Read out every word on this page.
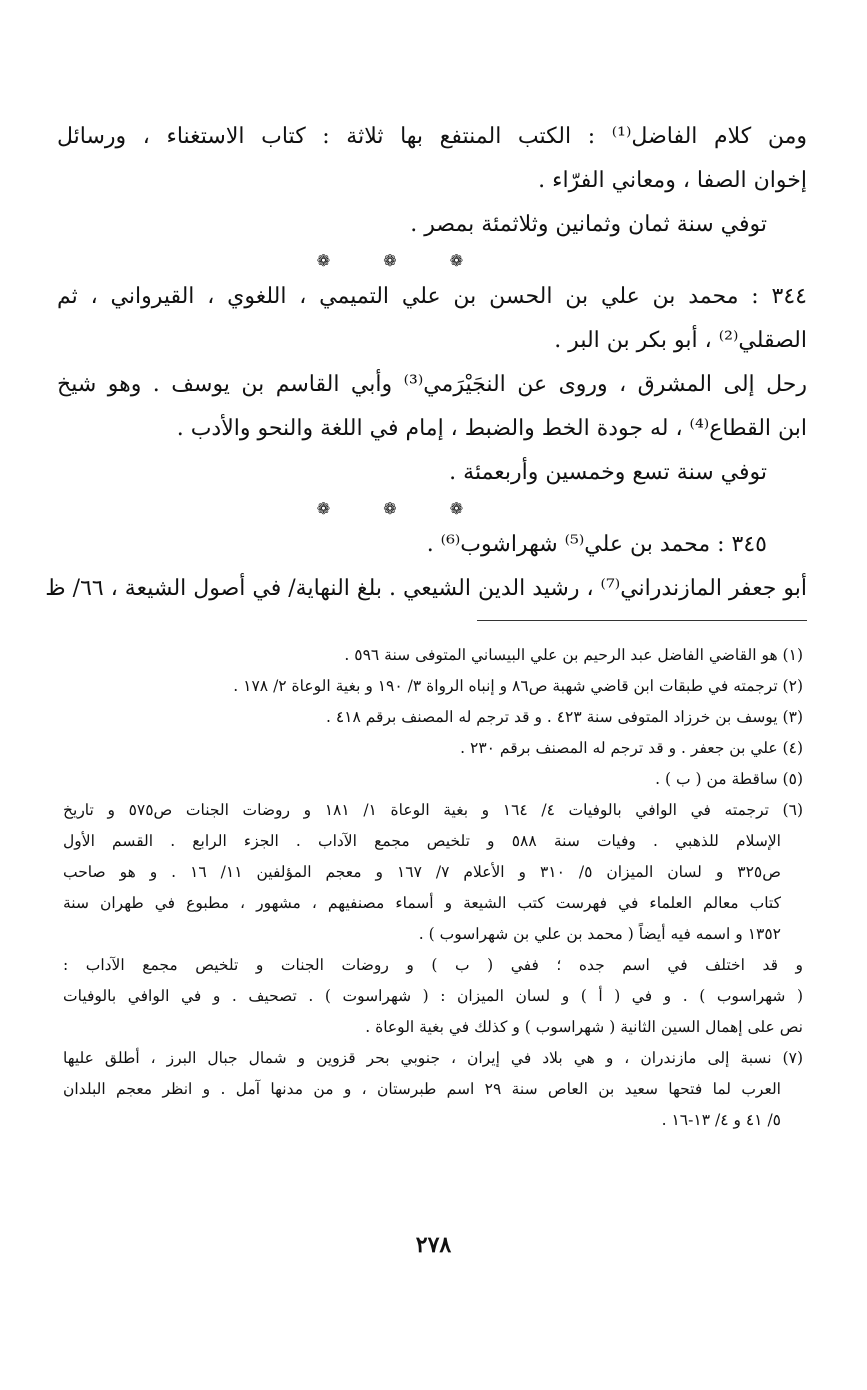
ومن كلام الفاضل⁽¹⁾ : الكتب المنتفع بها ثلاثة : كتاب الاستغناء ، ورسائل
إخوان الصفا ، ومعاني الفرّاء .
توفي سنة ثمان وثمانين وثلاثمئة بمصر .
❁ ❁ ❁
٣٤٤ : محمد بن علي بن الحسن بن علي التميمي ، اللغوي ، القيرواني ، ثم
الصقلي⁽²⁾ ، أبو بكر بن البر .
رحل إلى المشرق ، وروى عن النجَيْرَمي⁽³⁾ وأبي القاسم بن يوسف . وهو شيخ
ابن القطاع⁽⁴⁾ ، له جودة الخط والضبط ، إمام في اللغة والنحو والأدب .
توفي سنة تسع وخمسين وأربعمئة .
❁ ❁ ❁
٣٤٥ : محمد بن علي⁽⁵⁾ شهراشوب⁽⁶⁾ .
أبو جعفر المازندراني⁽⁷⁾ ، رشيد الدين الشيعي . بلغ النهاية/ في أصول الشيعة ، ٦٦/ ظ
(١) هو القاضي الفاضل عبد الرحيم بن علي البيساني المتوفى سنة ٥٩٦ .
(٢) ترجمته في طبقات ابن قاضي شهبة ص٨٦ و إنباه الرواة ٣/ ١٩٠ و بغية الوعاة ٢/ ١٧٨ .
(٣) يوسف بن خرزاد المتوفى سنة ٤٢٣ . و قد ترجم له المصنف برقم ٤١٨ .
(٤) علي بن جعفر . و قد ترجم له المصنف برقم ٢٣٠ .
(٥) ساقطة من ( ب ) .
(٦) ترجمته في الوافي بالوفيات ٤/ ١٦٤ و بغية الوعاة ١/ ١٨١ و روضات الجنات ص٥٧٥ و تاريخ
الإسلام للذهبي . وفيات سنة ٥٨٨ و تلخيص مجمع الآداب . الجزء الرابع . القسم الأول
ص٣٢٥ و لسان الميزان ٥/ ٣١٠ و الأعلام ٧/ ١٦٧ و معجم المؤلفين ١١/ ١٦ . و هو صاحب
كتاب معالم العلماء في فهرست كتب الشيعة و أسماء مصنفيهم ، مشهور ، مطبوع في طهران سنة
١٣٥٢ و اسمه فيه أيضاً ( محمد بن علي بن شهراسوب ) .
و قد اختلف في اسم جده ؛ ففي ( ب ) و روضات الجنات و تلخيص مجمع الآداب :
( شهراسوب ) . و في ( أ ) و لسان الميزان : ( شهراسوت ) . تصحيف . و في الوافي بالوفيات
نص على إهمال السين الثانية ( شهراسوب ) و كذلك في بغية الوعاة .
(٧) نسبة إلى مازندران ، و هي بلاد في إيران ، جنوبي بحر قزوين و شمال جبال البرز ، أطلق عليها
العرب لما فتحها سعيد بن العاص سنة ٢٩ اسم طبرستان ، و من مدنها آمل . و انظر معجم البلدان
٥/ ٤١ و ٤/ ١٣-١٦ .
٢٧٨
